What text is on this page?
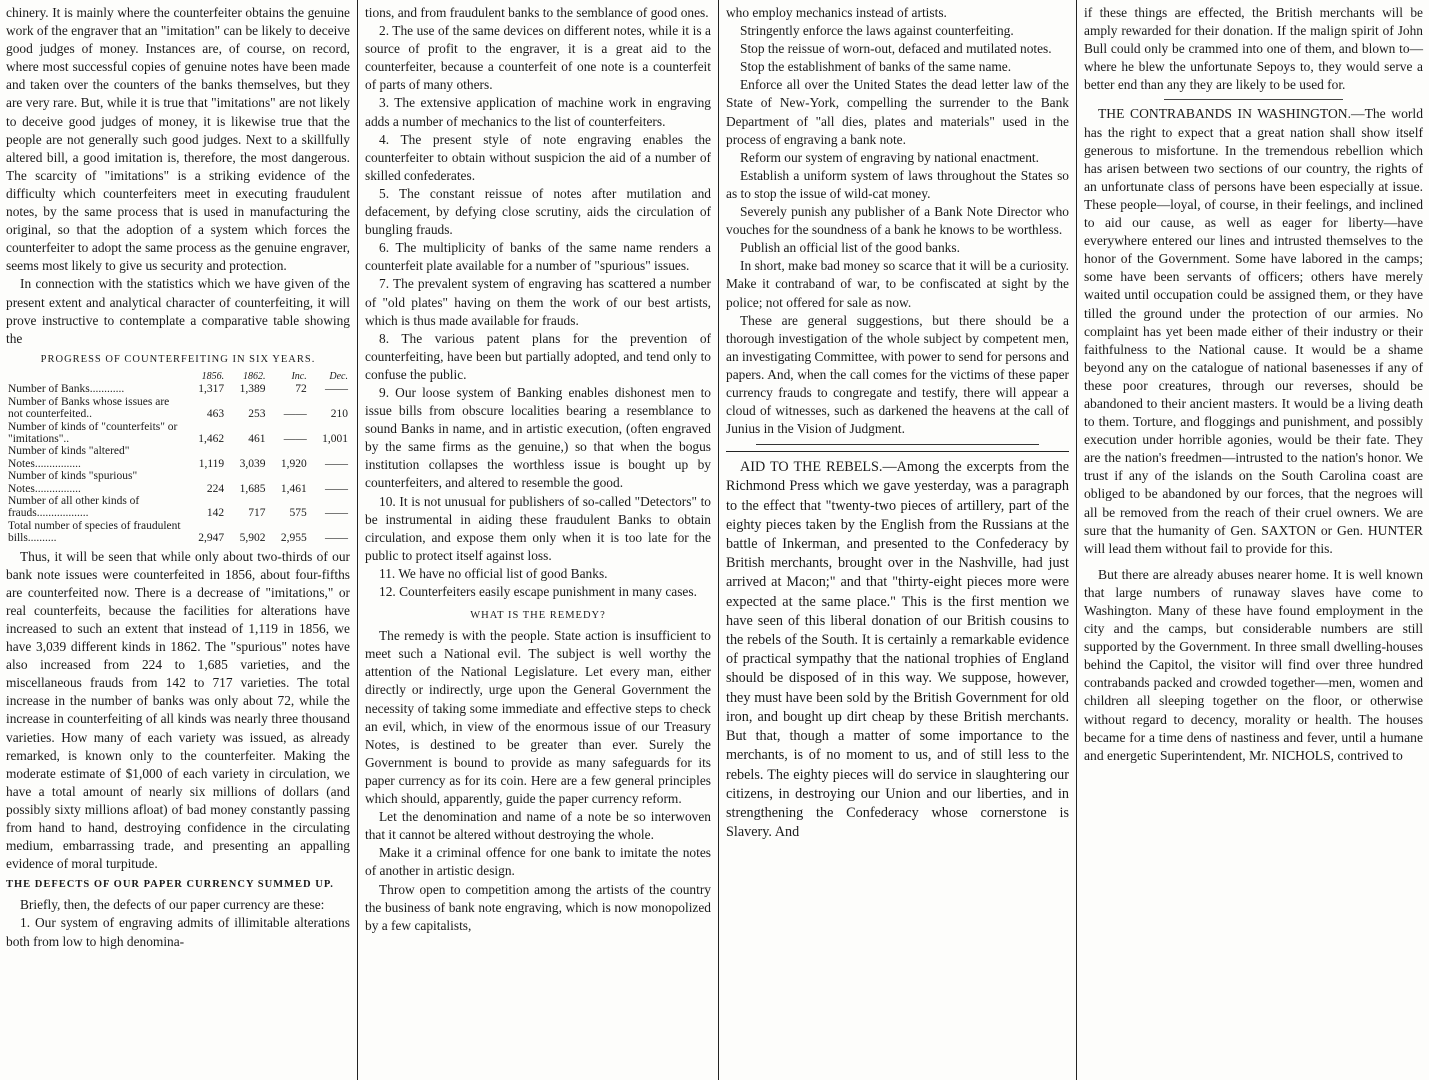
chinery. It is mainly where the counterfeiter obtains the genuine work of the engraver that an "imitation" can be likely to deceive good judges of money. Instances are, of course, on record, where most successful copies of genuine notes have been made and taken over the counters of the banks themselves, but they are very rare. But, while it is true that "imitations" are not likely to deceive good judges of money, it is likewise true that the people are not generally such good judges. Next to a skillfully altered bill, a good imitation is, therefore, the most dangerous. The scarcity of "imitations" is a striking evidence of the difficulty which counterfeiters meet in executing fraudulent notes, by the same process that is used in manufacturing the original, so that the adoption of a system which forces the counterfeiter to adopt the same process as the genuine engraver, seems most likely to give us security and protection.

In connection with the statistics which we have given of the present extent and analytical character of counterfeiting, it will prove instructive to contemplate a comparative table showing the

PROGRESS OF COUNTERFEITING IN SIX YEARS.
	1856.	1862.	Inc.	Dec.
Number of Banks............	1,317	1,389	72	——
Number of Banks whose issues are not counterfeited..	463	253	——	210
Number of kinds of "counterfeits" or "imitations"..	1,462	461	——	1,001
Number of kinds "altered" Notes................	1,119	3,039	1,920	——
Number of kinds "spurious" Notes................	224	1,685	1,461	——
Number of all other kinds of frauds..................	142	717	575	——
Total number of species of fraudulent bills..........	2,947	5,902	2,955	——

Thus, it will be seen that while only about two-thirds of our bank note issues were counterfeited in 1856, about four-fifths are counterfeited now. There is a decrease of "imitations," or real counterfeits, because the facilities for alterations have increased to such an extent that instead of 1,119 in 1856, we have 3,039 different kinds in 1862. The "spurious" notes have also increased from 224 to 1,685 varieties, and the miscellaneous frauds from 142 to 717 varieties. The total increase in the number of banks was only about 72, while the increase in counterfeiting of all kinds was nearly three thousand varieties. How many of each variety was issued, as already remarked, is known only to the counterfeiter. Making the moderate estimate of $1,000 of each variety in circulation, we have a total amount of nearly six millions of dollars (and possibly sixty millions afloat) of bad money constantly passing from hand to hand, destroying confidence in the circulating medium, embarrassing trade, and presenting an appalling evidence of moral turpitude.

THE DEFECTS OF OUR PAPER CURRENCY SUMMED UP.

Briefly, then, the defects of our paper currency are these:

1. Our system of engraving admits of illimitable alterations both from low to high denomina-

tions, and from fraudulent banks to the semblance of good ones.

2. The use of the same devices on different notes, while it is a source of profit to the engraver, it is a great aid to the counterfeiter, because a counterfeit of one note is a counterfeit of parts of many others.

3. The extensive application of machine work in engraving adds a number of mechanics to the list of counterfeiters.

4. The present style of note engraving enables the counterfeiter to obtain without suspicion the aid of a number of skilled confederates.

5. The constant reissue of notes after mutilation and defacement, by defying close scrutiny, aids the circulation of bungling frauds.

6. The multiplicity of banks of the same name renders a counterfeit plate available for a number of "spurious" issues.

7. The prevalent system of engraving has scattered a number of "old plates" having on them the work of our best artists, which is thus made available for frauds.

8. The various patent plans for the prevention of counterfeiting, have been but partially adopted, and tend only to confuse the public.

9. Our loose system of Banking enables dishonest men to issue bills from obscure localities bearing a resemblance to sound Banks in name, and in artistic execution, (often engraved by the same firms as the genuine,) so that when the bogus institution collapses the worthless issue is bought up by counterfeiters, and altered to resemble the good.

10. It is not unusual for publishers of so-called "Detectors" to be instrumental in aiding these fraudulent Banks to obtain circulation, and expose them only when it is too late for the public to protect itself against loss.

11. We have no official list of good Banks.

12. Counterfeiters easily escape punishment in many cases.

WHAT IS THE REMEDY?

The remedy is with the people. State action is insufficient to meet such a National evil. The subject is well worthy the attention of the National Legislature. Let every man, either directly or indirectly, urge upon the General Government the necessity of taking some immediate and effective steps to check an evil, which, in view of the enormous issue of our Treasury Notes, is destined to be greater than ever. Surely the Government is bound to provide as many safeguards for its paper currency as for its coin. Here are a few general principles which should, apparently, guide the paper currency reform.

Let the denomination and name of a note be so interwoven that it cannot be altered without destroying the whole.

Make it a criminal offence for one bank to imitate the notes of another in artistic design.

Throw open to competition among the artists of the country the business of bank note engraving, which is now monopolized by a few capitalists,

who employ mechanics instead of artists.

Stringently enforce the laws against counterfeiting.

Stop the reissue of worn-out, defaced and mutilated notes.

Stop the establishment of banks of the same name.

Enforce all over the United States the dead letter law of the State of New-York, compelling the surrender to the Bank Department of "all dies, plates and materials" used in the process of engraving a bank note.

Reform our system of engraving by national enactment.

Establish a uniform system of laws throughout the States so as to stop the issue of wild-cat money.

Severely punish any publisher of a Bank Note Director who vouches for the soundness of a bank he knows to be worthless.

Publish an official list of the good banks.

In short, make bad money so scarce that it will be a curiosity. Make it contraband of war, to be confiscated at sight by the police; not offered for sale as now.

These are general suggestions, but there should be a thorough investigation of the whole subject by competent men, an investigating Committee, with power to send for persons and papers. And, when the call comes for the victims of these paper currency frauds to congregate and testify, there will appear a cloud of witnesses, such as darkened the heavens at the call of Junius in the Vision of Judgment.

AID TO THE REBELS.—Among the excerpts from the Richmond Press which we gave yesterday, was a paragraph to the effect that "twenty-two pieces of artillery, part of the eighty pieces taken by the English from the Russians at the battle of Inkerman, and presented to the Confederacy by British merchants, brought over in the Nashville, had just arrived at Macon;" and that "thirty-eight pieces more were expected at the same place." This is the first mention we have seen of this liberal donation of our British cousins to the rebels of the South. It is certainly a remarkable evidence of practical sympathy that the national trophies of England should be disposed of in this way. We suppose, however, they must have been sold by the British Government for old iron, and bought up dirt cheap by these British merchants. But that, though a matter of some importance to the merchants, is of no moment to us, and of still less to the rebels. The eighty pieces will do service in slaughtering our citizens, in destroying our Union and our liberties, and in strengthening the Confederacy whose cornerstone is Slavery. And

if these things are effected, the British merchants will be amply rewarded for their donation. If the malign spirit of John Bull could only be crammed into one of them, and blown to—where he blew the unfortunate Sepoys to, they would serve a better end than any they are likely to be used for.

THE CONTRABANDS IN WASHINGTON.—The world has the right to expect that a great nation shall show itself generous to misfortune. In the tremendous rebellion which has arisen between two sections of our country, the rights of an unfortunate class of persons have been especially at issue. These people—loyal, of course, in their feelings, and inclined to aid our cause, as well as eager for liberty—have everywhere entered our lines and intrusted themselves to the honor of the Government. Some have labored in the camps; some have been servants of officers; others have merely waited until occupation could be assigned them, or they have tilled the ground under the protection of our armies. No complaint has yet been made either of their industry or their faithfulness to the National cause. It would be a shame beyond any on the catalogue of national basenesses if any of these poor creatures, through our reverses, should be abandoned to their ancient masters. It would be a living death to them. Torture, and floggings and punishment, and possibly execution under horrible agonies, would be their fate. They are the nation's freedmen—intrusted to the nation's honor. We trust if any of the islands on the South Carolina coast are obliged to be abandoned by our forces, that the negroes will all be removed from the reach of their cruel owners. We are sure that the humanity of Gen. SAXTON or Gen. HUNTER will lead them without fail to provide for this.

But there are already abuses nearer home. It is well known that large numbers of runaway slaves have come to Washington. Many of these have found employment in the city and the camps, but considerable numbers are still supported by the Government. In three small dwelling-houses behind the Capitol, the visitor will find over three hundred contrabands packed and crowded together—men, women and children all sleeping together on the floor, or otherwise without regard to decency, morality or health. The houses became for a time dens of nastiness and fever, until a humane and energetic Superintendent, Mr. NICHOLS, contrived to
